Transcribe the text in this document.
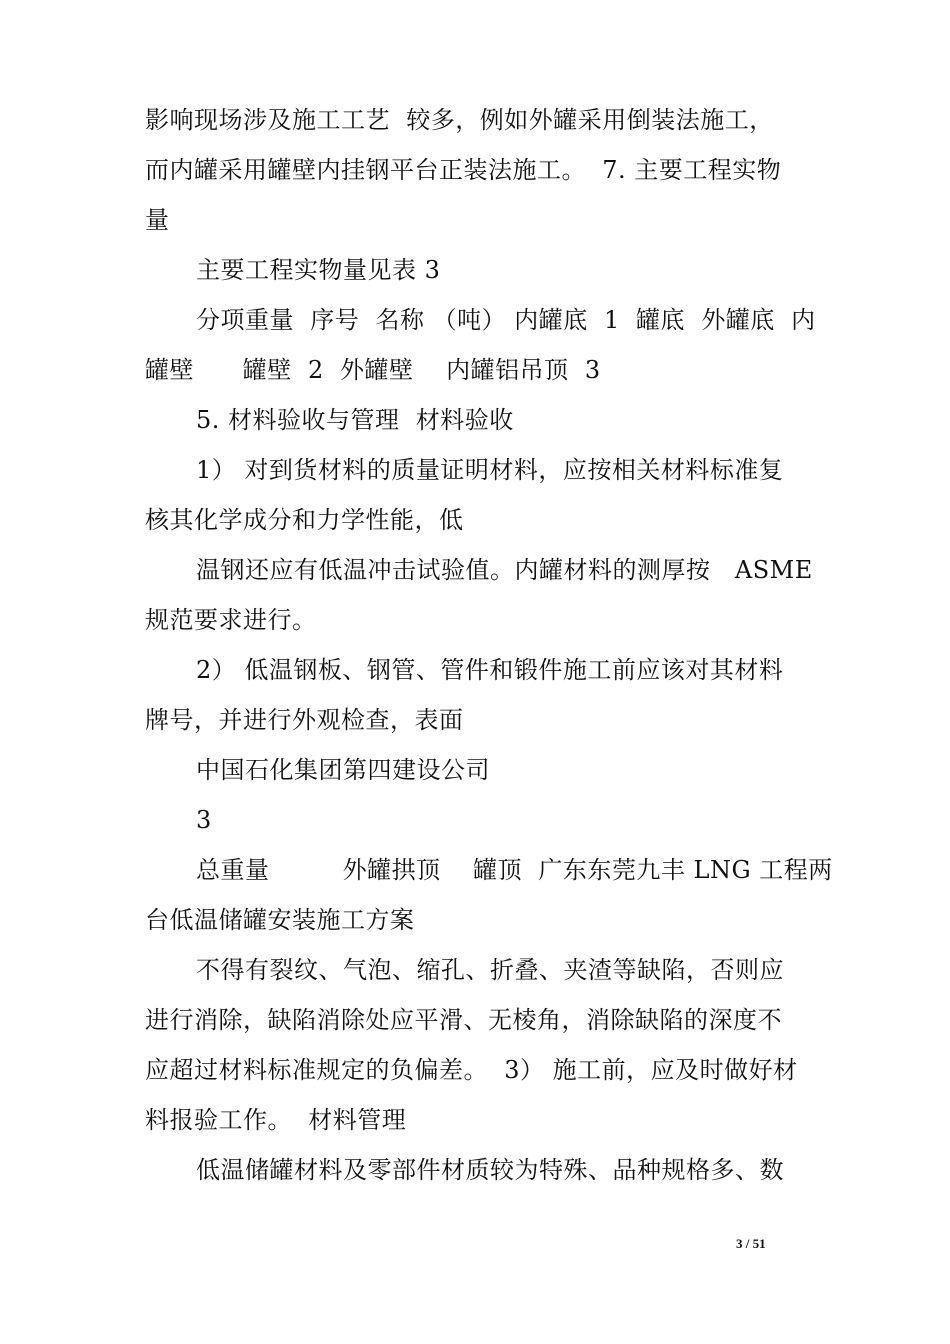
影响现场涉及施工工艺  较多，例如外罐采用倒装法施工，
而内罐采用罐壁内挂钢平台正装法施工。  7. 主要工程实物
量
主要工程实物量见表 3
分项重量  序号  名称 （吨） 内罐底  1  罐底  外罐底  内
罐壁      罐壁  2  外罐壁    内罐铝吊顶  3
5. 材料验收与管理  材料验收
1） 对到货材料的质量证明材料，应按相关材料标准复
核其化学成分和力学性能，低
温钢还应有低温冲击试验值。内罐材料的测厚按   ASME
规范要求进行。
2） 低温钢板、钢管、管件和锻件施工前应该对其材料
牌号，并进行外观检查，表面
中国石化集团第四建设公司
3
总重量         外罐拱顶    罐顶  广东东莞九丰 LNG 工程两
台低温储罐安装施工方案
不得有裂纹、气泡、缩孔、折叠、夹渣等缺陷，否则应
进行消除，缺陷消除处应平滑、无棱角，消除缺陷的深度不
应超过材料标准规定的负偏差。  3） 施工前，应及时做好材
料报验工作。  材料管理
低温储罐材料及零部件材质较为特殊、品种规格多、数
3 / 51
